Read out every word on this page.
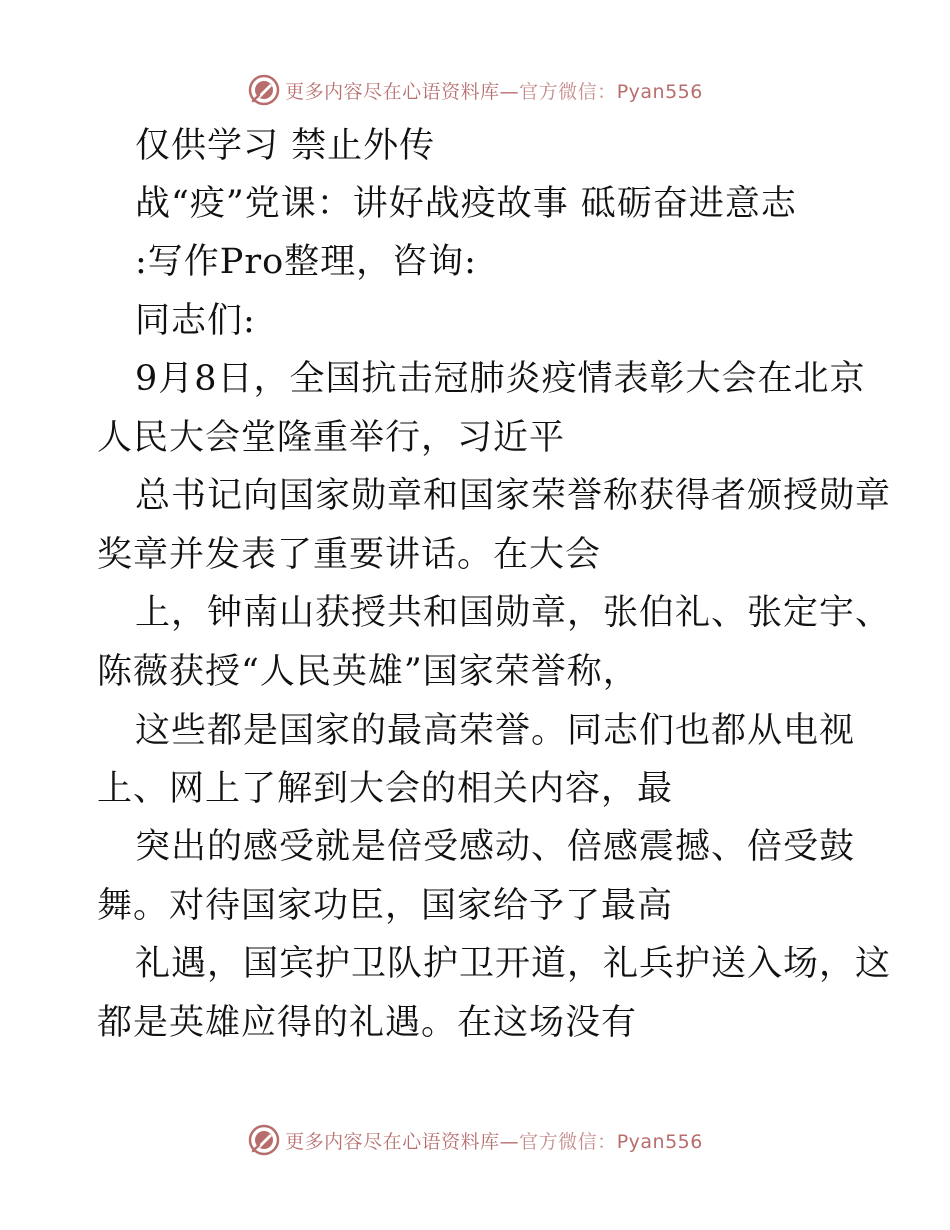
更多内容尽在心语资料库—官方微信：Pyan556
仅供学习 禁止外传
战“疫”党课：讲好战疫故事 砥砺奋进意志
:写作Pro整理，咨询:
同志们:
9月8日，全国抗击冠肺炎疫情表彰大会在北京
人民大会堂隆重举行，习近平
总书记向国家勋章和国家荣誉称获得者颁授勋章
奖章并发表了重要讲话。在大会
上，钟南山获授共和国勋章，张伯礼、张定宇、
陈薇获授“人民英雄”国家荣誉称，
这些都是国家的最高荣誉。同志们也都从电视
上、网上了解到大会的相关内容，最
突出的感受就是倍受感动、倍感震撼、倍受鼓
舞。对待国家功臣，国家给予了最高
礼遇，国宾护卫队护卫开道，礼兵护送入场，这
都是英雄应得的礼遇。在这场没有
更多内容尽在心语资料库—官方微信：Pyan556
